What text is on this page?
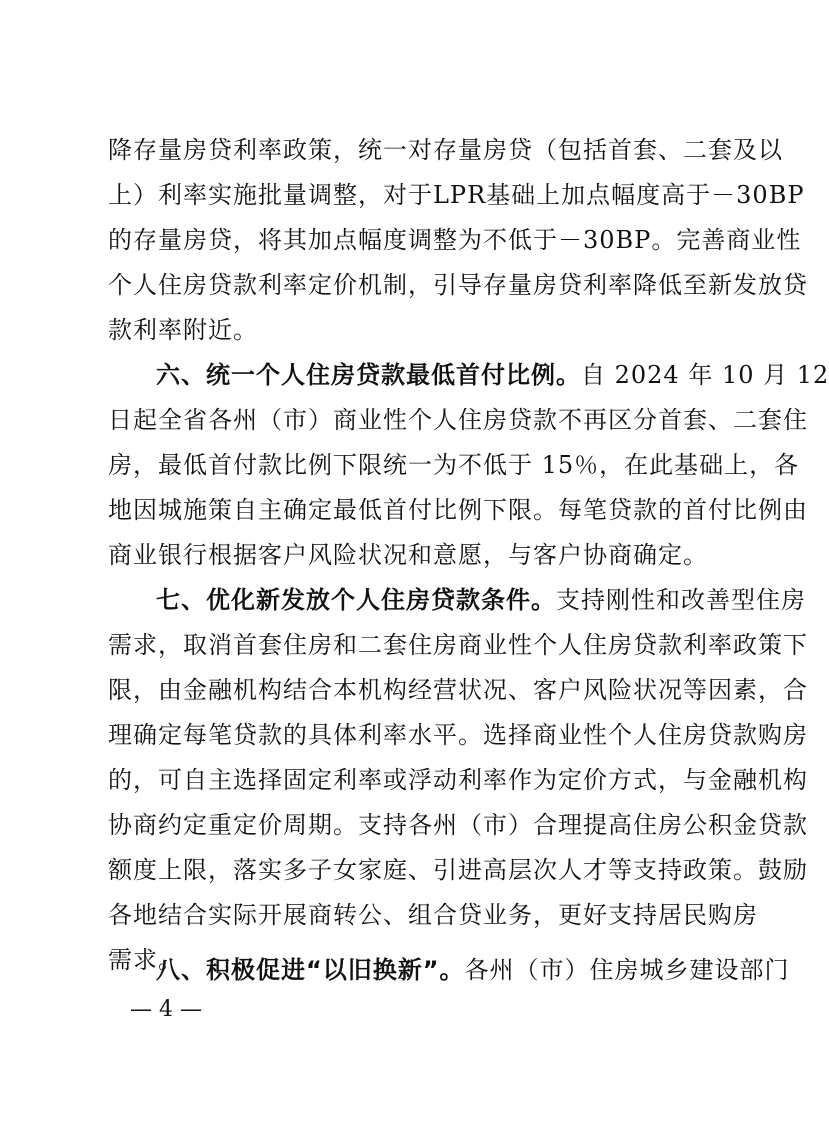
降存量房贷利率政策，统一对存量房贷（包括首套、二套及以
上）利率实施批量调整，对于LPR基础上加点幅度高于－30BP
的存量房贷，将其加点幅度调整为不低于－30BP。完善商业性
个人住房贷款利率定价机制，引导存量房贷利率降低至新发放贷
款利率附近。
六、统一个人住房贷款最低首付比例。自 2024 年 10 月 12
日起全省各州（市）商业性个人住房贷款不再区分首套、二套住
房，最低首付款比例下限统一为不低于 15％，在此基础上，各
地因城施策自主确定最低首付比例下限。每笔贷款的首付比例由
商业银行根据客户风险状况和意愿，与客户协商确定。
七、优化新发放个人住房贷款条件。支持刚性和改善型住房
需求，取消首套住房和二套住房商业性个人住房贷款利率政策下
限，由金融机构结合本机构经营状况、客户风险状况等因素，合
理确定每笔贷款的具体利率水平。选择商业性个人住房贷款购房
的，可自主选择固定利率或浮动利率作为定价方式，与金融机构
协商约定重定价周期。支持各州（市）合理提高住房公积金贷款
额度上限，落实多子女家庭、引进高层次人才等支持政策。鼓励
各地结合实际开展商转公、组合贷业务，更好支持居民购房
需求。
八、积极促进“以旧换新”。各州（市）住房城乡建设部门
— 4 —
